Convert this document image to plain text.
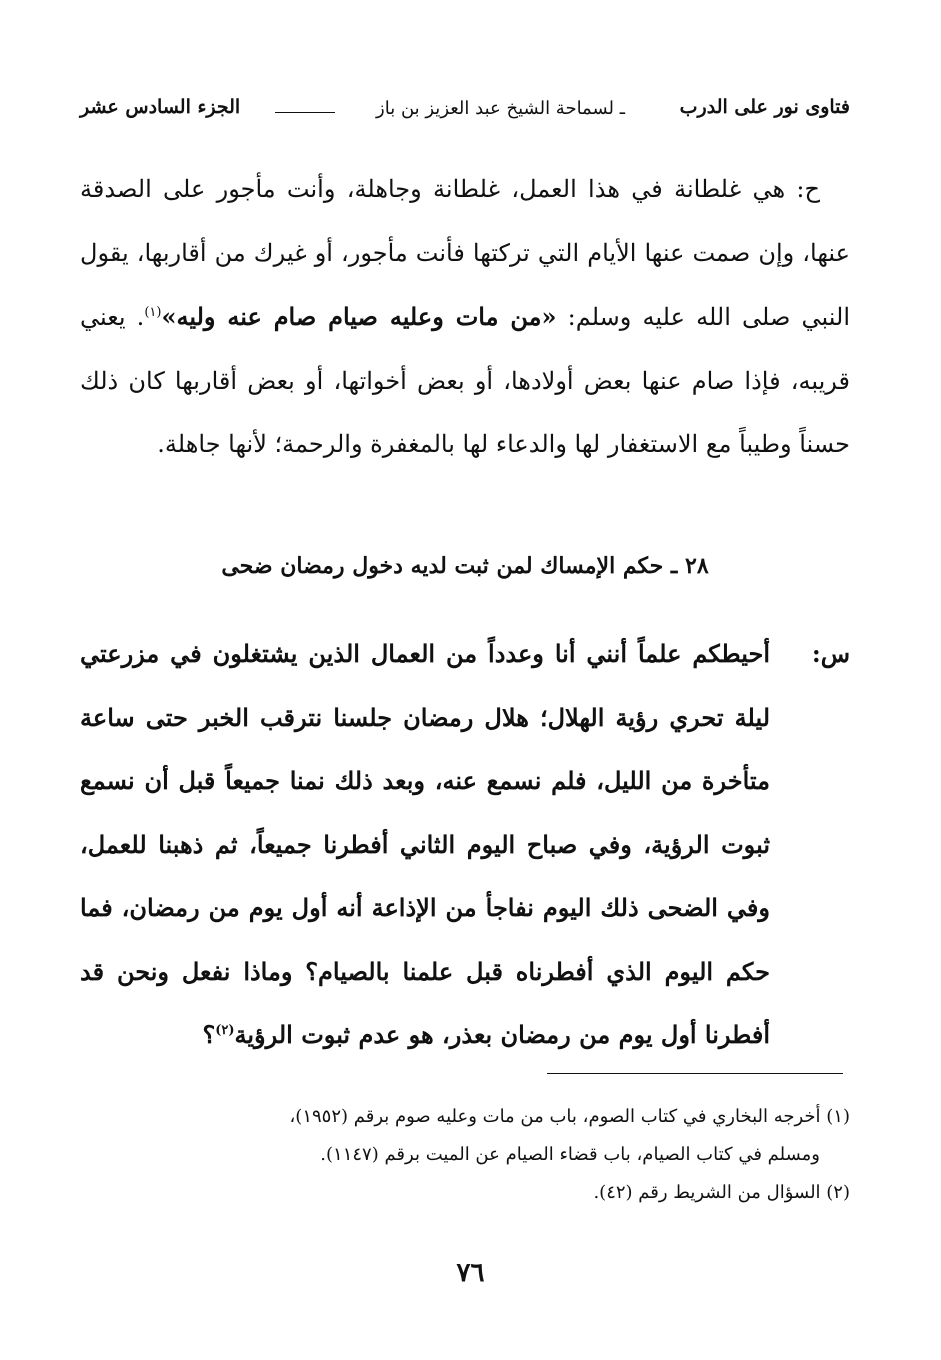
فتاوى نور على الدرب
ـ لسماحة الشيخ عبد العزيز بن باز
الجزء السادس عشر
ح: هي غلطانة في هذا العمل، غلطانة وجاهلة، وأنت مأجور على الصدقة عنها، وإن صمت عنها الأيام التي تركتها فأنت مأجور، أو غيرك من أقاربها، يقول النبي صلى الله عليه وسلم: «من مات وعليه صيام صام عنه وليه»$^{(١)}$. يعني قريبه، فإذا صام عنها بعض أولادها، أو بعض أخواتها، أو بعض أقاربها كان ذلك حسناً وطيباً مع الاستغفار لها والدعاء لها بالمغفرة والرحمة؛ لأنها جاهلة.
٢٨ ـ حكم الإمساك لمن ثبت لديه دخول رمضان ضحى
س:
أحيطكم علماً أنني أنا وعدداً من العمال الذين يشتغلون في مزرعتي ليلة تحري رؤية الهلال؛ هلال رمضان جلسنا نترقب الخبر حتى ساعة متأخرة من الليل، فلم نسمع عنه، وبعد ذلك نمنا جميعاً قبل أن نسمع ثبوت الرؤية، وفي صباح اليوم الثاني أفطرنا جميعاً، ثم ذهبنا للعمل، وفي الضحى ذلك اليوم نفاجأ من الإذاعة أنه أول يوم من رمضان، فما حكم اليوم الذي أفطرناه قبل علمنا بالصيام؟ وماذا نفعل ونحن قد أفطرنا أول يوم من رمضان بعذر، هو عدم ثبوت الرؤية$^{(٢)}$؟

(١) أخرجه البخاري في كتاب الصوم، باب من مات وعليه صوم برقم (١٩٥٢)،

ومسلم في كتاب الصيام، باب قضاء الصيام عن الميت برقم (١١٤٧).

(٢) السؤال من الشريط رقم (٤٢).

٧٦
